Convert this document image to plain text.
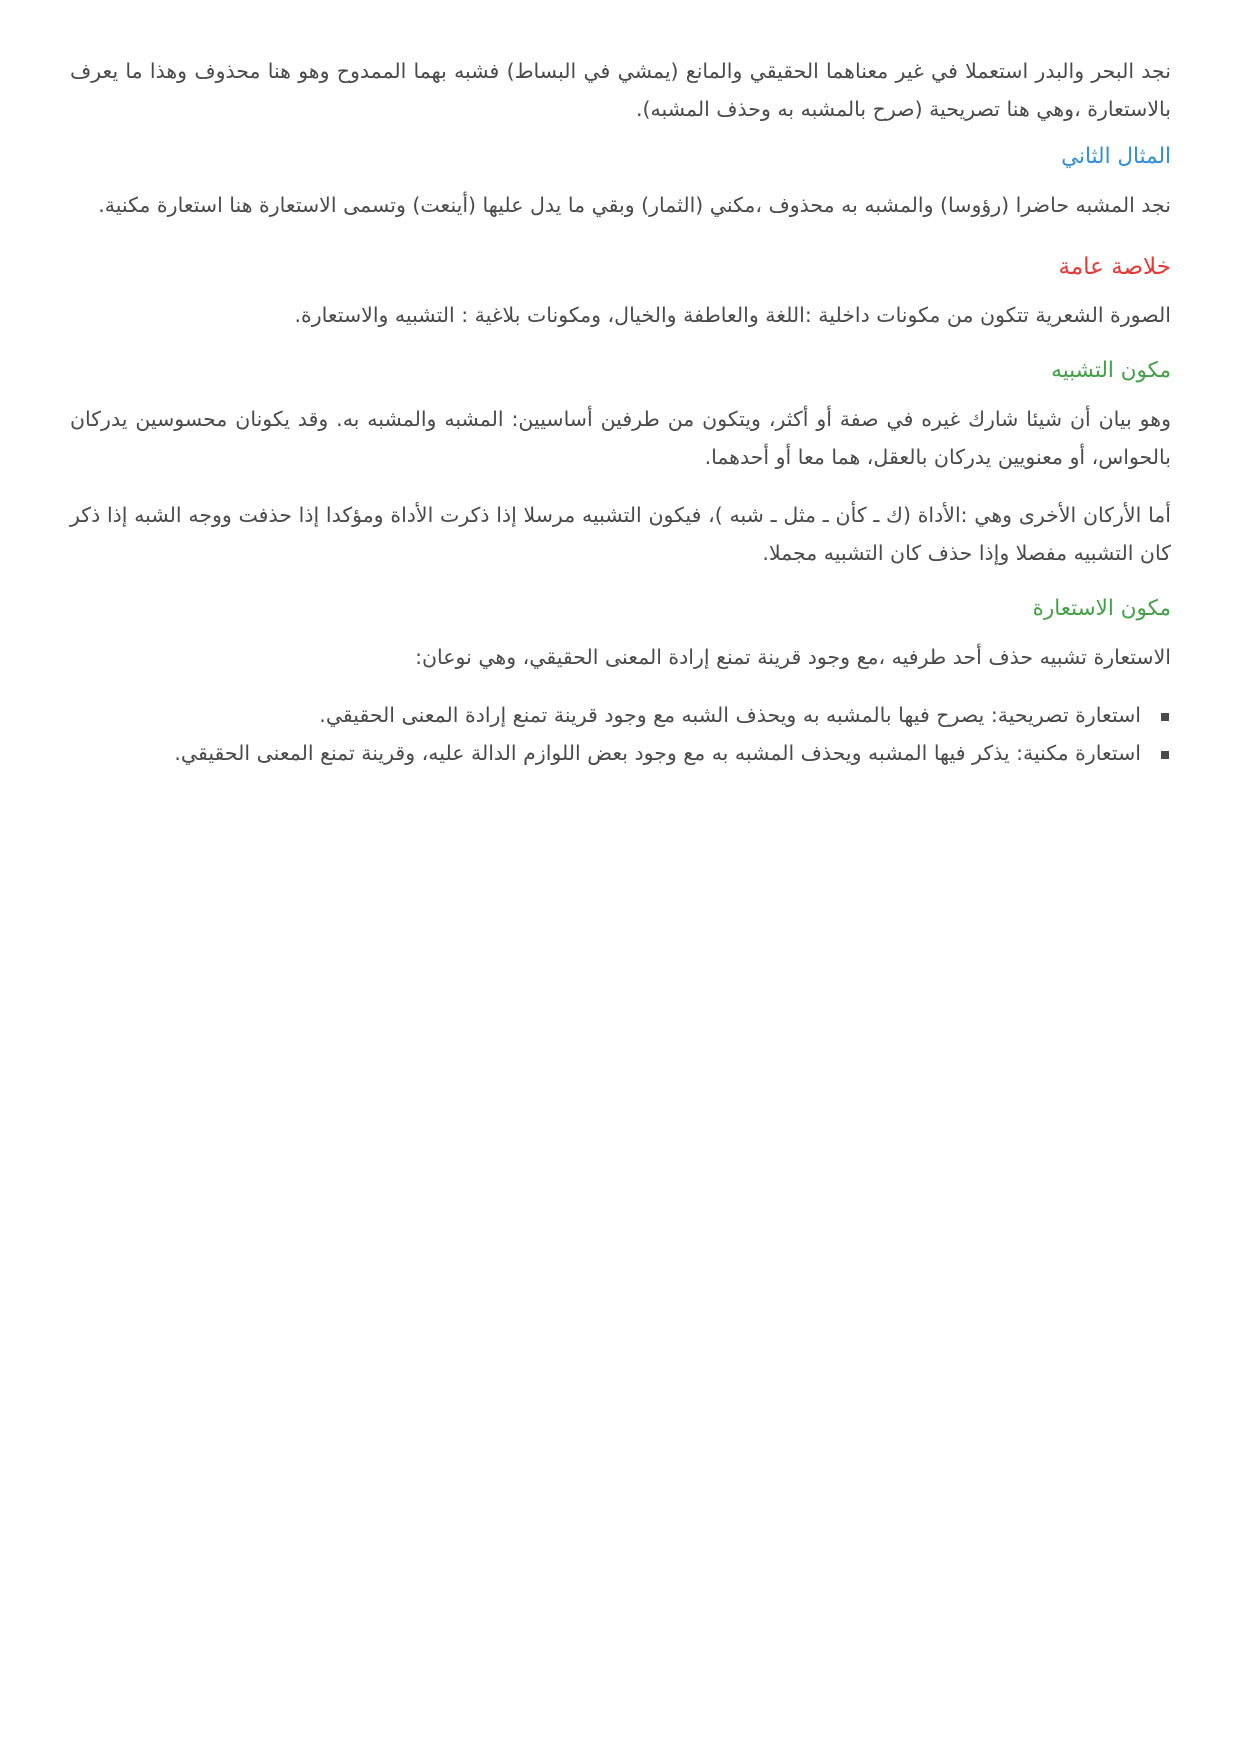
نجد البحر والبدر استعملا في غير معناهما الحقيقي والمانع (يمشي في البساط) فشبه بهما الممدوح وهو هنا محذوف وهذا ما يعرف بالاستعارة ،وهي هنا تصريحية (صرح بالمشبه به وحذف المشبه).

المثال الثاني

نجد المشبه حاضرا (رؤوسا) والمشبه به محذوف ،مكني (الثمار) وبقي ما يدل عليها (أينعت) وتسمى الاستعارة هنا استعارة مكنية.

خلاصة عامة

الصورة الشعرية تتكون من مكونات داخلية :اللغة والعاطفة والخيال، ومكونات بلاغية : التشبيه والاستعارة.

مكون التشبيه

وهو بيان أن شيئا شارك غيره في صفة أو أكثر، ويتكون من طرفين أساسيين: المشبه والمشبه به. وقد يكونان محسوسين يدركان بالحواس، أو معنويين يدركان بالعقل، هما معا أو أحدهما.

أما الأركان الأخرى وهي :الأداة (ك ـ كأن ـ مثل ـ شبه )، فيكون التشبيه مرسلا إذا ذكرت الأداة ومؤكدا إذا حذفت ووجه الشبه إذا ذكر كان التشبيه مفصلا وإذا حذف كان التشبيه مجملا.

مكون الاستعارة

الاستعارة تشبيه حذف أحد طرفيه ،مع وجود قرينة تمنع إرادة المعنى الحقيقي، وهي نوعان:

استعارة تصريحية: يصرح فيها بالمشبه به ويحذف الشبه مع وجود قرينة تمنع إرادة المعنى الحقيقي.
استعارة مكنية: يذكر فيها المشبه ويحذف المشبه به مع وجود بعض اللوازم الدالة عليه، وقرينة تمنع المعنى الحقيقي.
